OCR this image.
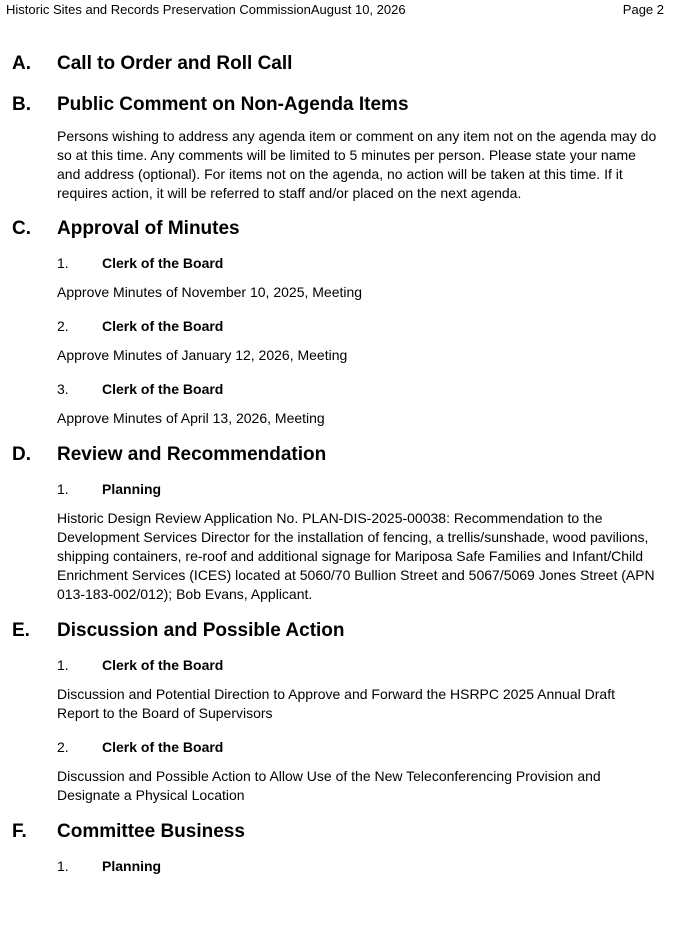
Historic Sites and Records Preservation CommissionAugust 10, 2026	Page 2
A. Call to Order and Roll Call
B. Public Comment on Non-Agenda Items
Persons wishing to address any agenda item or comment on any item not on the agenda may do so at this time. Any comments will be limited to 5 minutes per person. Please state your name and address (optional). For items not on the agenda, no action will be taken at this time. If it requires action, it will be referred to staff and/or placed on the next agenda.
C. Approval of Minutes
1. Clerk of the Board
Approve Minutes of November 10, 2025, Meeting
2. Clerk of the Board
Approve Minutes of January 12, 2026, Meeting
3. Clerk of the Board
Approve Minutes of April 13, 2026, Meeting
D. Review and Recommendation
1. Planning
Historic Design Review Application No. PLAN-DIS-2025-00038: Recommendation to the Development Services Director for the installation of fencing, a trellis/sunshade, wood pavilions, shipping containers, re-roof and additional signage for Mariposa Safe Families and Infant/Child Enrichment Services (ICES) located at 5060/70 Bullion Street and 5067/5069 Jones Street (APN 013-183-002/012); Bob Evans, Applicant.
E. Discussion and Possible Action
1. Clerk of the Board
Discussion and Potential Direction to Approve and Forward the HSRPC 2025 Annual Draft Report to the Board of Supervisors
2. Clerk of the Board
Discussion and Possible Action to Allow Use of the New Teleconferencing Provision and Designate a Physical Location
F. Committee Business
1. Planning
